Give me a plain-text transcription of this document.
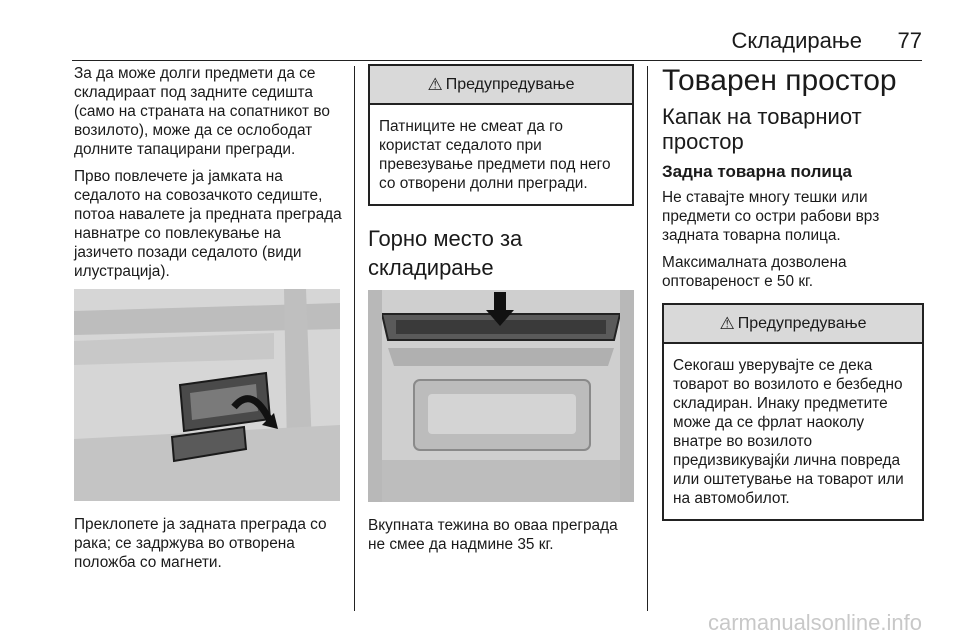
Складирање 77

За да може долги предмети да се складираат под задните седишта (само на страната на сопатникот во возилото), може да се ослободат долните тапацирани прегради.

Прво повлечете ја јамката на седалото на совозачкото седиште, потоа навалете ја предната преграда навнатре со повлекување на јазичето позади седалото (види илустрација).

Преклопете ја задната преграда со рака; се задржува во отворена положба со магнети.

⚠ Предупредување
Патниците не смеат да го користат седалото при превезување предмети под него со отворени долни прегради.
Горно место за складирање

Вкупната тежина во оваа преграда не смее да надмине 35 кг.

Товарен простор
Капак на товарниот простор
Задна товарна полица

Не ставајте многу тешки или предмети со остри рабови врз задната товарна полица.

Максималната дозволена оптовареност е 50 кг.

⚠ Предупредување
Секогаш уверувајте се дека товарот во возилото е безбедно складиран. Инаку предметите може да се фрлат наоколу внатре во возилото предизвикувајќи лична повреда или оштетување на товарот или на автомобилот.
carmanualsonline.info
